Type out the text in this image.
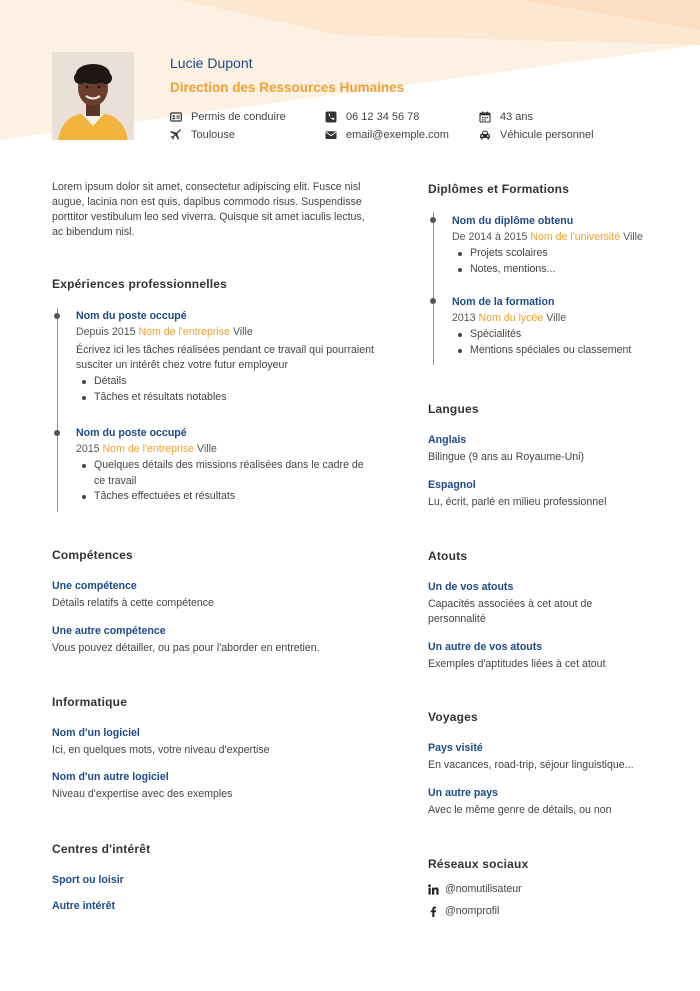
Lucie Dupont
Direction des Ressources Humaines
Permis de conduire	06 12 34 56 78	43 ans
Toulouse	email@exemple.com	Véhicule personnel
Lorem ipsum dolor sit amet, consectetur adipiscing elit. Fusce nisl augue, lacinia non est quis, dapibus commodo risus. Suspendisse porttitor vestibulum leo sed viverra. Quisque sit amet iaculis lectus, ac bibendum nisl.
Expériences professionnelles
Nom du poste occupé
Depuis 2015 Nom de l'entreprise Ville
Écrivez ici les tâches réalisées pendant ce travail qui pourraient susciter un intérêt chez votre futur employeur
Détails
Tâches et résultats notables
Nom du poste occupé
2015 Nom de l'entreprise Ville
Quelques détails des missions réalisées dans le cadre de ce travail
Tâches effectuées et résultats
Compétences
Une compétence
Détails relatifs à cette compétence
Une autre compétence
Vous pouvez détailler, ou pas pour l'aborder en entretien.
Informatique
Nom d'un logiciel
Ici, en quelques mots, votre niveau d'expertise
Nom d'un autre logiciel
Niveau d'expertise avec des exemples
Centres d'intérêt
Sport ou loisir
Autre intérêt
Diplômes et Formations
Nom du diplôme obtenu
De 2014 à 2015 Nom de l'université Ville
Projets scolaires
Notes, mentions...
Nom de la formation
2013 Nom du lycée Ville
Spécialités
Mentions spéciales ou classement
Langues
Anglais
Bilingue (9 ans au Royaume-Uni)
Espagnol
Lu, écrit, parlé en milieu professionnel
Atouts
Un de vos atouts
Capacités associées à cet atout de personnalité
Un autre de vos atouts
Exemples d'aptitudes liées à cet atout
Voyages
Pays visité
En vacances, road-trip, séjour linguistique...
Un autre pays
Avec le même genre de détails, ou non
Réseaux sociaux
@nomutilisateur
@nomprofil
